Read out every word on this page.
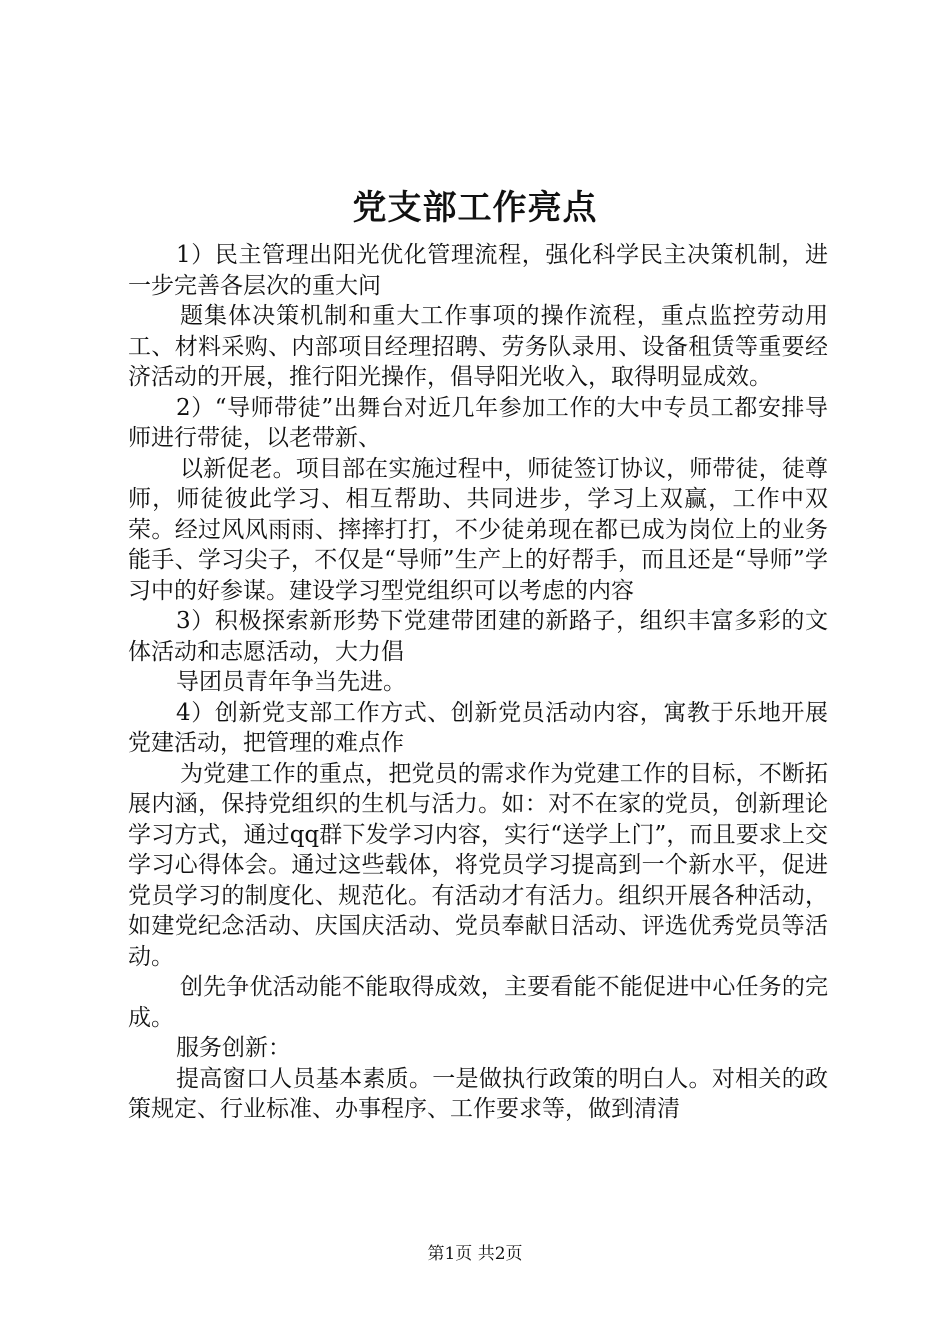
党支部工作亮点

1）民主管理出阳光优化管理流程，强化科学民主决策机制，进一步完善各层次的重大问

题集体决策机制和重大工作事项的操作流程，重点监控劳动用工、材料采购、内部项目经理招聘、劳务队录用、设备租赁等重要经济活动的开展，推行阳光操作，倡导阳光收入，取得明显成效。

2）“导师带徒”出舞台对近几年参加工作的大中专员工都安排导师进行带徒，以老带新、

以新促老。项目部在实施过程中，师徒签订协议，师带徒，徒尊师，师徒彼此学习、相互帮助、共同进步，学习上双赢，工作中双荣。经过风风雨雨、摔摔打打，不少徒弟现在都已成为岗位上的业务能手、学习尖子，不仅是“导师”生产上的好帮手，而且还是“导师”学习中的好参谋。建设学习型党组织可以考虑的内容

3）积极探索新形势下党建带团建的新路子，组织丰富多彩的文体活动和志愿活动，大力倡

导团员青年争当先进。

4）创新党支部工作方式、创新党员活动内容，寓教于乐地开展党建活动，把管理的难点作

为党建工作的重点，把党员的需求作为党建工作的目标，不断拓展内涵，保持党组织的生机与活力。如：对不在家的党员，创新理论学习方式，通过qq群下发学习内容，实行“送学上门”，而且要求上交学习心得体会。通过这些载体，将党员学习提高到一个新水平，促进党员学习的制度化、规范化。有活动才有活力。组织开展各种活动，如建党纪念活动、庆国庆活动、党员奉献日活动、评选优秀党员等活动。

创先争优活动能不能取得成效，主要看能不能促进中心任务的完成。

服务创新：

提高窗口人员基本素质。一是做执行政策的明白人。对相关的政策规定、行业标准、办事程序、工作要求等，做到清清

第1页 共2页
